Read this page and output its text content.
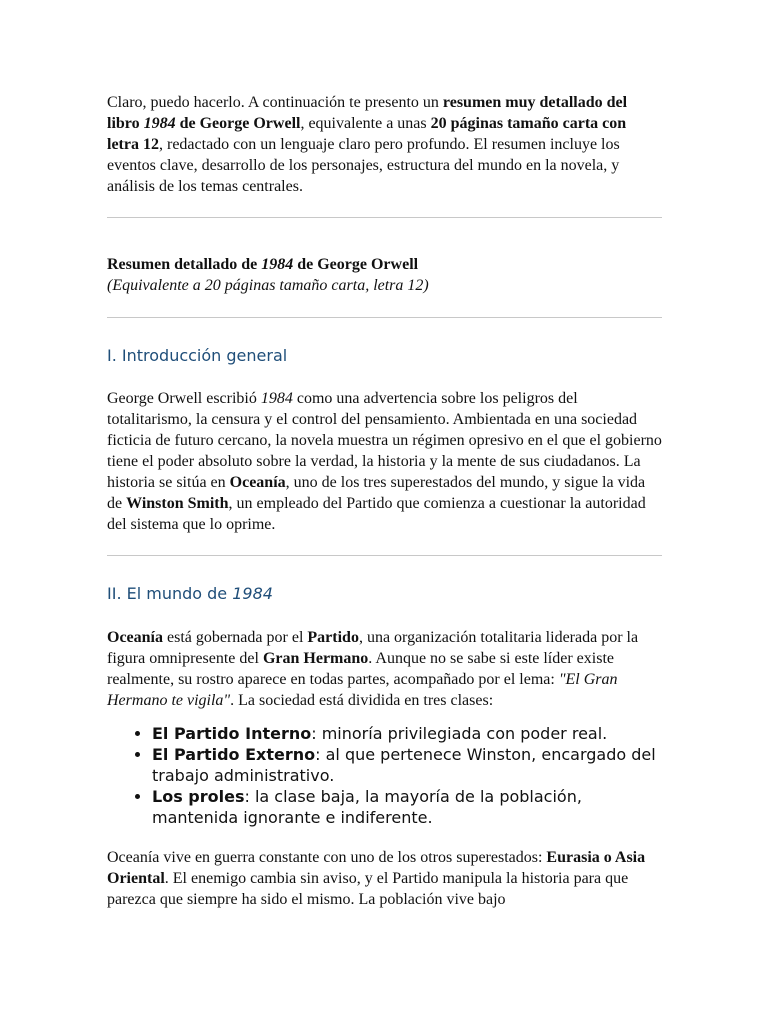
Claro, puedo hacerlo. A continuación te presento un resumen muy detallado del libro 1984 de George Orwell, equivalente a unas 20 páginas tamaño carta con letra 12, redactado con un lenguaje claro pero profundo. El resumen incluye los eventos clave, desarrollo de los personajes, estructura del mundo en la novela, y análisis de los temas centrales.

Resumen detallado de 1984 de George Orwell

(Equivalente a 20 páginas tamaño carta, letra 12)

I. Introducción general

George Orwell escribió 1984 como una advertencia sobre los peligros del totalitarismo, la censura y el control del pensamiento. Ambientada en una sociedad ficticia de futuro cercano, la novela muestra un régimen opresivo en el que el gobierno tiene el poder absoluto sobre la verdad, la historia y la mente de sus ciudadanos. La historia se sitúa en Oceanía, uno de los tres superestados del mundo, y sigue la vida de Winston Smith, un empleado del Partido que comienza a cuestionar la autoridad del sistema que lo oprime.

II. El mundo de 1984

Oceanía está gobernada por el Partido, una organización totalitaria liderada por la figura omnipresente del Gran Hermano. Aunque no se sabe si este líder existe realmente, su rostro aparece en todas partes, acompañado por el lema: "El Gran Hermano te vigila". La sociedad está dividida en tres clases:

• El Partido Interno: minoría privilegiada con poder real.
• El Partido Externo: al que pertenece Winston, encargado del trabajo administrativo.
• Los proles: la clase baja, la mayoría de la población, mantenida ignorante e indiferente.

Oceanía vive en guerra constante con uno de los otros superestados: Eurasia o Asia Oriental. El enemigo cambia sin aviso, y el Partido manipula la historia para que parezca que siempre ha sido el mismo. La población vive bajo
